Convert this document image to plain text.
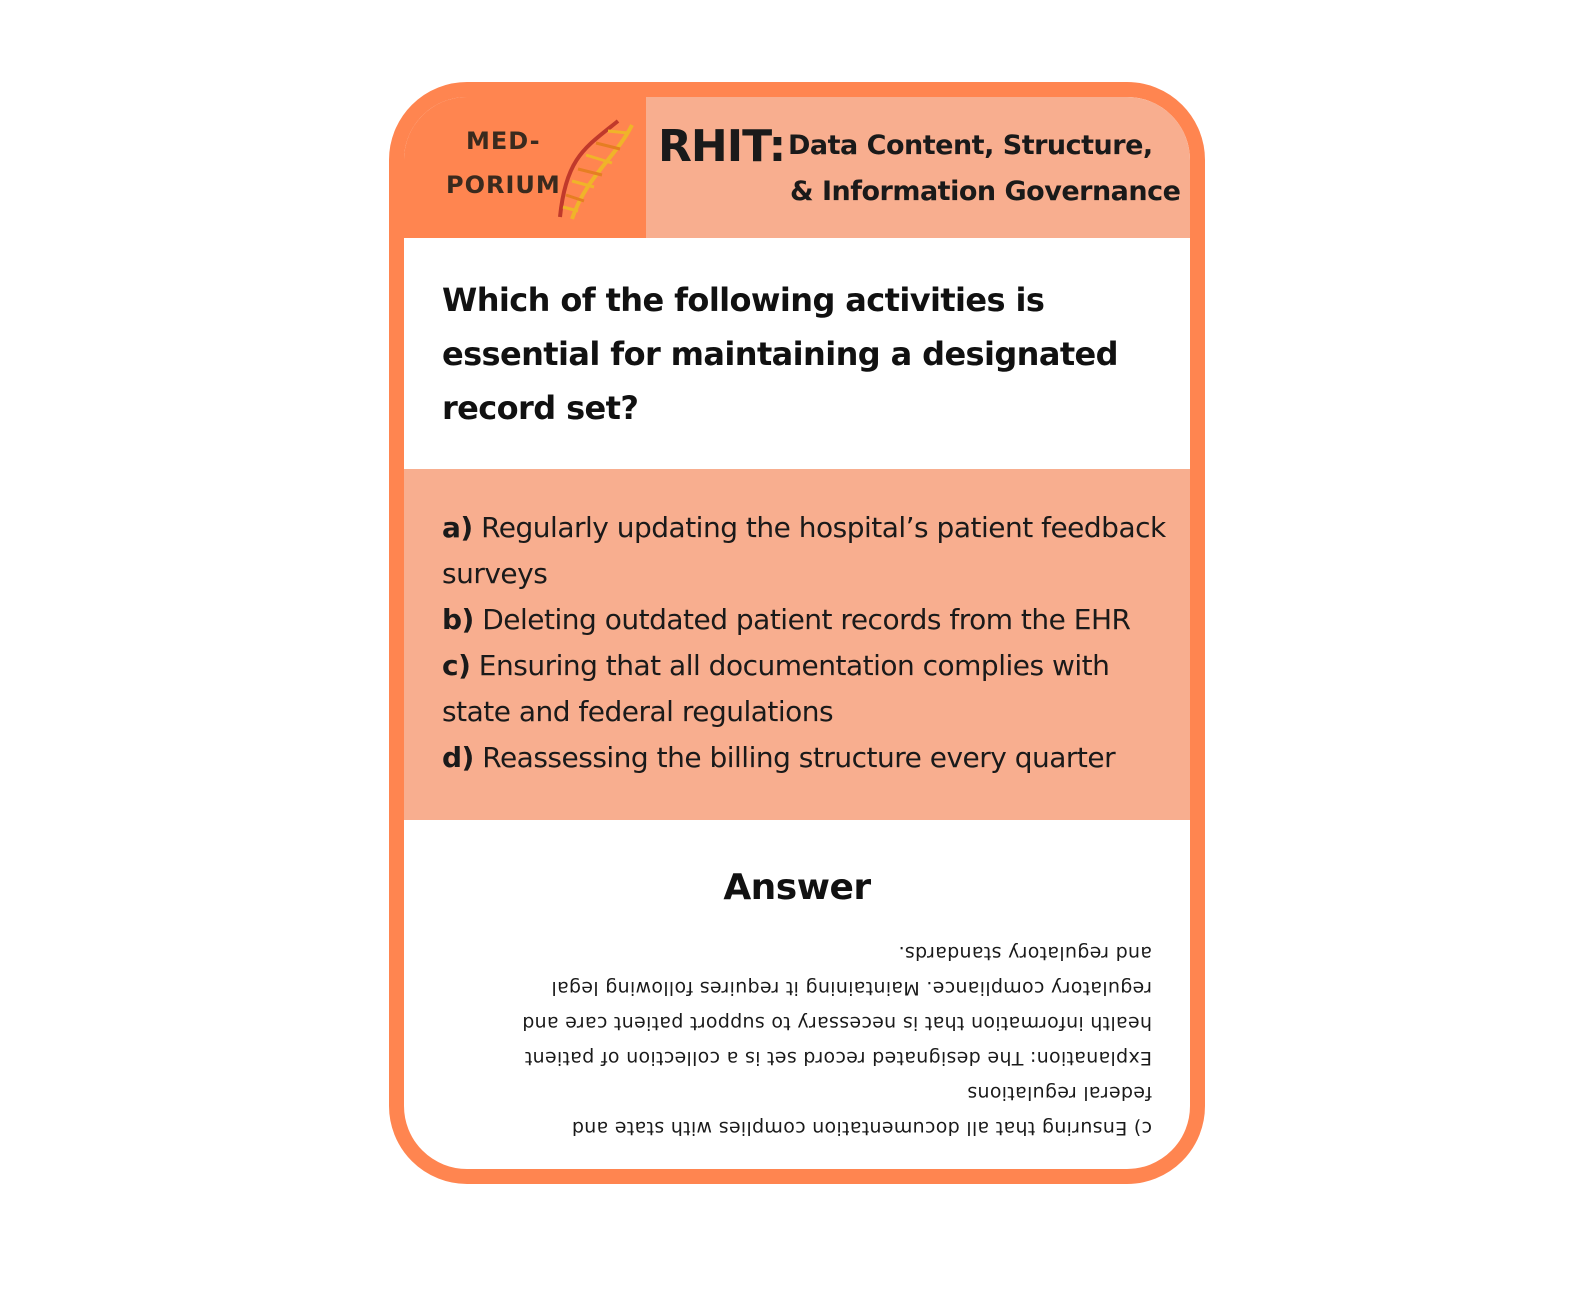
MED-
PORIUM
RHIT: Data Content, Structure,
& Information Governance
Which of the following activities is essential for maintaining a designated record set?
a) Regularly updating the hospital’s patient feedback surveys
b) Deleting outdated patient records from the EHR
c) Ensuring that all documentation complies with state and federal regulations
d) Reassessing the billing structure every quarter
Answer
c) Ensuring that all documentation complies with state and
federal regulations
Explanation: The designated record set is a collection of patient
health information that is necessary to support patient care and
regulatory compliance. Maintaining it requires following legal
and regulatory standards.
